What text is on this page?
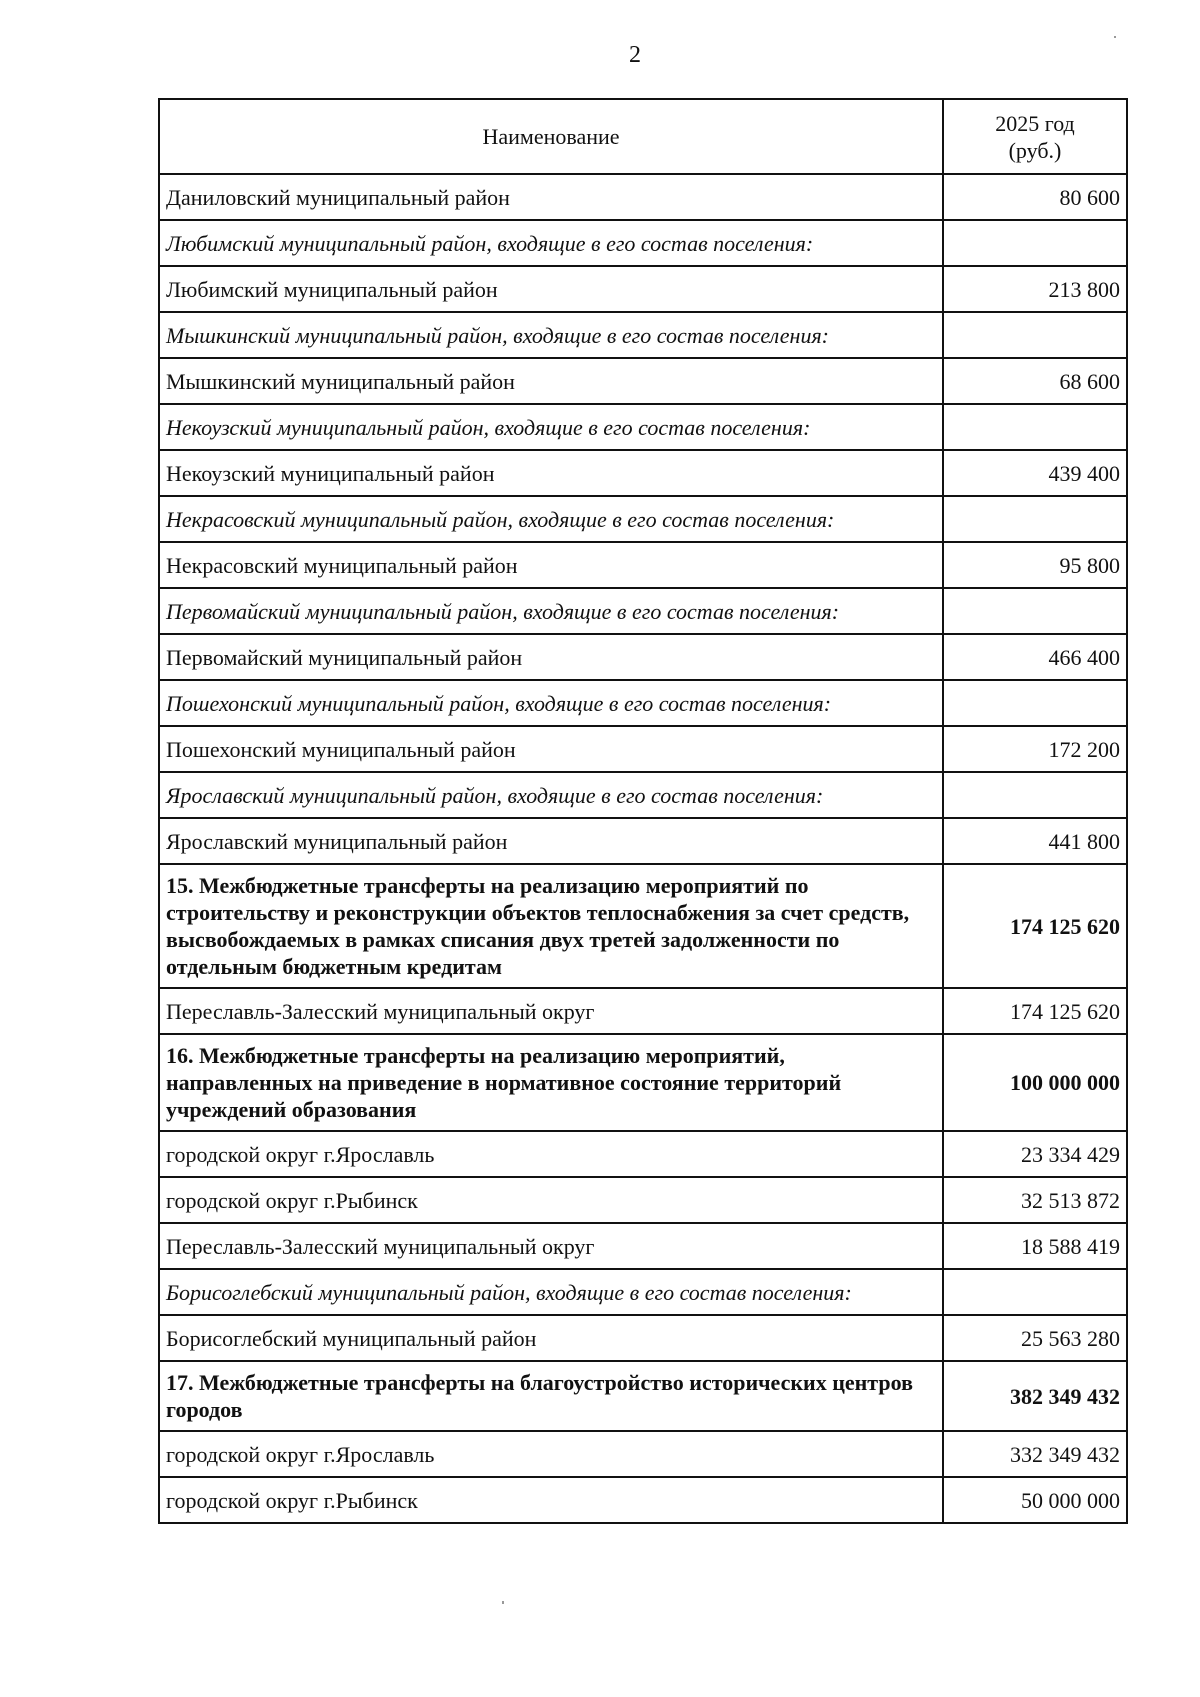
2
Наименование	2025 год
(руб.)

Даниловский муниципальный район	80 600
Любимский муниципальный район, входящие в его состав поселения:	
Любимский муниципальный район	213 800
Мышкинский муниципальный район, входящие в его состав поселения:	
Мышкинский муниципальный район	68 600
Некоузский муниципальный район, входящие в его состав поселения:	
Некоузский муниципальный район	439 400
Некрасовский муниципальный район, входящие в его состав поселения:	
Некрасовский муниципальный район	95 800
Первомайский муниципальный район, входящие в его состав поселения:	
Первомайский муниципальный район	466 400
Пошехонский муниципальный район, входящие в его состав поселения:	
Пошехонский муниципальный район	172 200
Ярославский муниципальный район, входящие в его состав поселения:	
Ярославский муниципальный район	441 800
15. Межбюджетные трансферты на реализацию мероприятий по строительству и реконструкции объектов теплоснабжения за счет средств, высвобождаемых в рамках списания двух третей задолженности по отдельным бюджетным кредитам	174 125 620
Переславль-Залесский муниципальный округ	174 125 620
16. Межбюджетные трансферты на реализацию мероприятий, направленных на приведение в нормативное состояние территорий учреждений образования	100 000 000
городской округ г.Ярославль	23 334 429
городской округ г.Рыбинск	32 513 872
Переславль-Залесский муниципальный округ	18 588 419
Борисоглебский муниципальный район, входящие в его состав поселения:	
Борисоглебский муниципальный район	25 563 280
17. Межбюджетные трансферты на благоустройство исторических центров городов	382 349 432
городской округ г.Ярославль	332 349 432
городской округ г.Рыбинск	50 000 000
